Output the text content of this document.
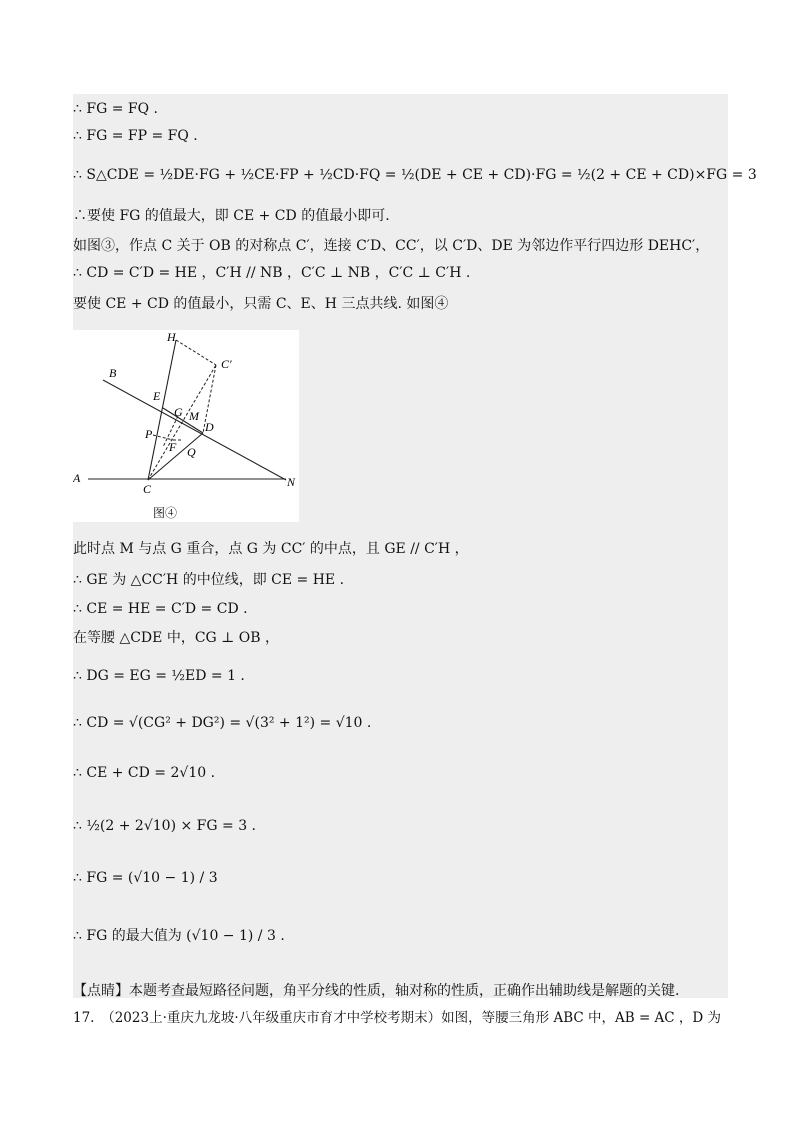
∴ FG = FQ .
∴ FG = FP = FQ .
∴ S△CDE = ½DE·FG + ½CE·FP + ½CD·FQ = ½(DE + CE + CD)·FG = ½(2 + CE + CD)×FG = 3
∴要使 FG 的值最大，即 CE + CD 的值最小即可.
如图③，作点 C 关于 OB 的对称点 C′，连接 C′D、CC′，以 C′D、DE 为邻边作平行四边形 DEHC′，
∴ CD = C′D = HE ，C′H // NB ，C′C ⊥ NB ，C′C ⊥ C′H .
要使 CE + CD 的值最小，只需 C、E、H 三点共线. 如图④
H
C′
B
E
G M
D
P
F Q
A
C	N
图④
此时点 M 与点 G 重合，点 G 为 CC′ 的中点，且 GE // C′H ，
∴ GE 为 △CC′H 的中位线，即 CE = HE .
∴ CE = HE = C′D = CD .
在等腰 △CDE 中，CG ⊥ OB ，
∴ DG = EG = ½ED = 1 .
∴ CD = √(CG² + DG²) = √(3² + 1²) = √10 .
∴ CE + CD = 2√10 .
∴ ½(2 + 2√10) × FG = 3 .
∴ FG = (√10 − 1) / 3
∴ FG 的最大值为 (√10 − 1) / 3 .
【点睛】本题考查最短路径问题，角平分线的性质，轴对称的性质，正确作出辅助线是解题的关键.
17.　（2023上·重庆九龙坡·八年级重庆市育才中学校考期末）如图，等腰三角形 ABC 中，AB = AC ，D 为
